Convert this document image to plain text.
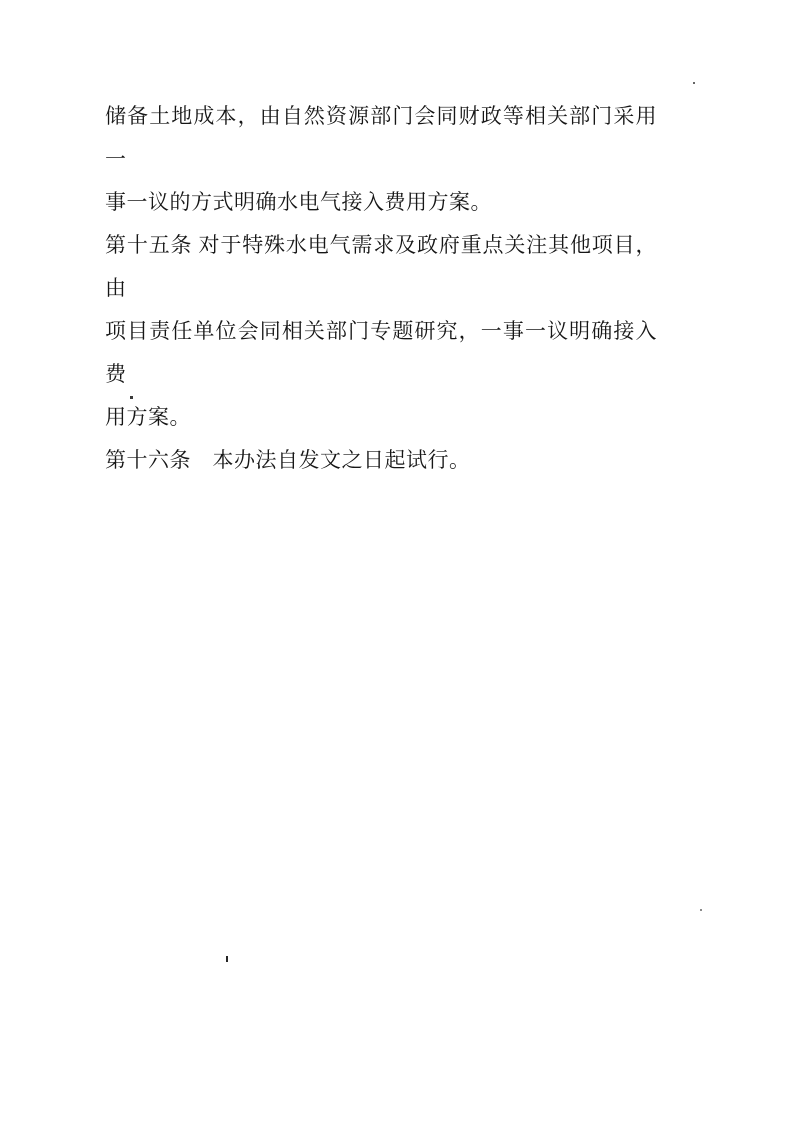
储备土地成本，由自然资源部门会同财政等相关部门采用一
事一议的方式明确水电气接入费用方案。
第十五条 对于特殊水电气需求及政府重点关注其他项目，由
项目责任单位会同相关部门专题研究，一事一议明确接入费
用方案。
第十六条　本办法自发文之日起试行。
